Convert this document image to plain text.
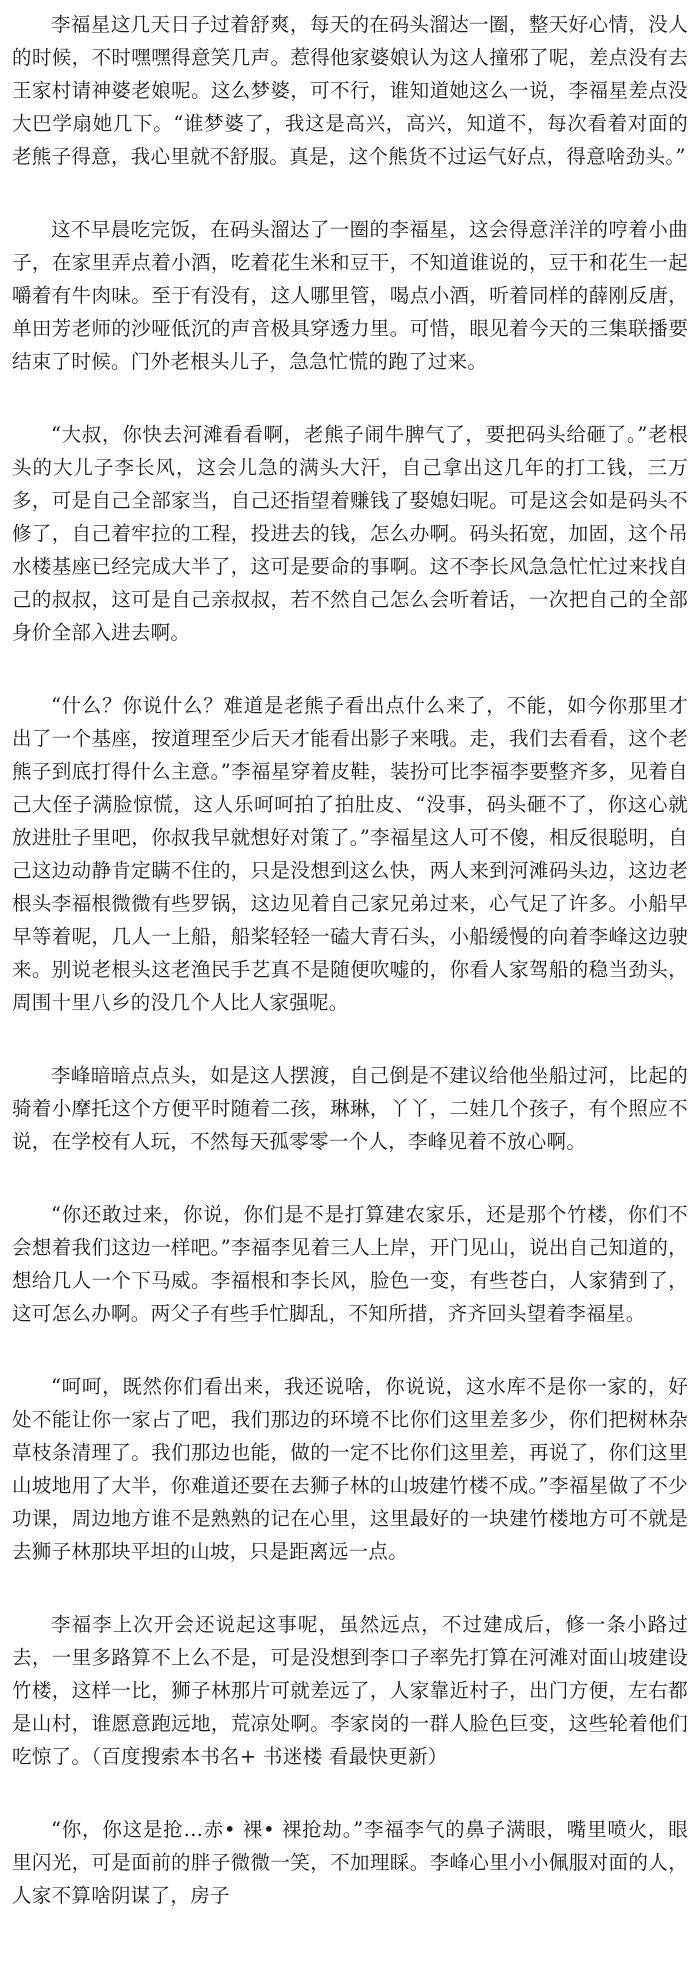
李福星这几天日子过着舒爽，每天的在码头溜达一圈，整天好心情，没人的时候，不时嘿嘿得意笑几声。惹得他家婆娘认为这人撞邪了呢，差点没有去王家村请神婆老娘呢。这么梦婆，可不行，谁知道她这么一说，李福星差点没大巴学扇她几下。“谁梦婆了，我这是高兴，高兴，知道不，每次看着对面的老熊子得意，我心里就不舒服。真是，这个熊货不过运气好点，得意啥劲头。”

这不早晨吃完饭，在码头溜达了一圈的李福星，这会得意洋洋的哼着小曲子，在家里弄点着小酒，吃着花生米和豆干，不知道谁说的，豆干和花生一起嚼着有牛肉味。至于有没有，这人哪里管，喝点小酒，听着同样的薛刚反唐，单田芳老师的沙哑低沉的声音极具穿透力里。可惜，眼见着今天的三集联播要结束了时候。门外老根头儿子，急急忙慌的跑了过来。

“大叔，你快去河滩看看啊，老熊子闹牛脾气了，要把码头给砸了。”老根头的大儿子李长风，这会儿急的满头大汗，自己拿出这几年的打工钱，三万多，可是自己全部家当，自己还指望着赚钱了娶媳妇呢。可是这会如是码头不修了，自己着牢拉的工程，投进去的钱，怎么办啊。码头拓宽，加固，这个吊水楼基座已经完成大半了，这可是要命的事啊。这不李长风急急忙忙过来找自己的叔叔，这可是自己亲叔叔，若不然自己怎么会听着话，一次把自己的全部身价全部入进去啊。

“什么？你说什么？难道是老熊子看出点什么来了，不能，如今你那里才出了一个基座，按道理至少后天才能看出影子来哦。走，我们去看看，这个老熊子到底打得什么主意。”李福星穿着皮鞋，装扮可比李福李要整齐多，见着自己大侄子满脸惊慌，这人乐呵呵拍了拍肚皮、“没事，码头砸不了，你这心就放进肚子里吧，你叔我早就想好对策了。”李福星这人可不傻，相反很聪明，自己这边动静肯定瞒不住的，只是没想到这么快，两人来到河滩码头边，这边老根头李福根微微有些罗锅，这边见着自己家兄弟过来，心气足了许多。小船早早等着呢，几人一上船，船桨轻轻一磕大青石头，小船缓慢的向着李峰这边驶来。别说老根头这老渔民手艺真不是随便吹嘘的，你看人家驾船的稳当劲头，周围十里八乡的没几个人比人家强呢。

李峰暗暗点点头，如是这人摆渡，自己倒是不建议给他坐船过河，比起的骑着小摩托这个方便平时随着二孩，琳琳，丫丫，二娃几个孩子，有个照应不说，在学校有人玩，不然每天孤零零一个人，李峰见着不放心啊。

“你还敢过来，你说，你们是不是打算建农家乐，还是那个竹楼，你们不会想着我们这边一样吧。”李福李见着三人上岸，开门见山，说出自己知道的，想给几人一个下马威。李福根和李长风，脸色一变，有些苍白，人家猜到了，这可怎么办啊。两父子有些手忙脚乱，不知所措，齐齐回头望着李福星。

“呵呵，既然你们看出来，我还说啥，你说说，这水库不是你一家的，好处不能让你一家占了吧，我们那边的环境不比你们这里差多少，你们把树林杂草枝条清理了。我们那边也能，做的一定不比你们这里差，再说了，你们这里山坡地用了大半，你难道还要在去狮子林的山坡建竹楼不成。”李福星做了不少功课，周边地方谁不是熟熟的记在心里，这里最好的一块建竹楼地方可不就是去狮子林那块平坦的山坡，只是距离远一点。

李福李上次开会还说起这事呢，虽然远点，不过建成后，修一条小路过去，一里多路算不上么不是，可是没想到李口子率先打算在河滩对面山坡建设竹楼，这样一比，狮子林那片可就差远了，人家靠近村子，出门方便，左右都是山村，谁愿意跑远地，荒凉处啊。李家岗的一群人脸色巨变，这些轮着他们吃惊了。（百度搜索本书名+ 书迷楼 看最快更新）

“你，你这是抢…赤• 裸• 裸抢劫。”李福李气的鼻子满眼，嘴里喷火，眼里闪光，可是面前的胖子微微一笑，不加理睬。李峰心里小小佩服对面的人，人家不算啥阴谋了，房子
